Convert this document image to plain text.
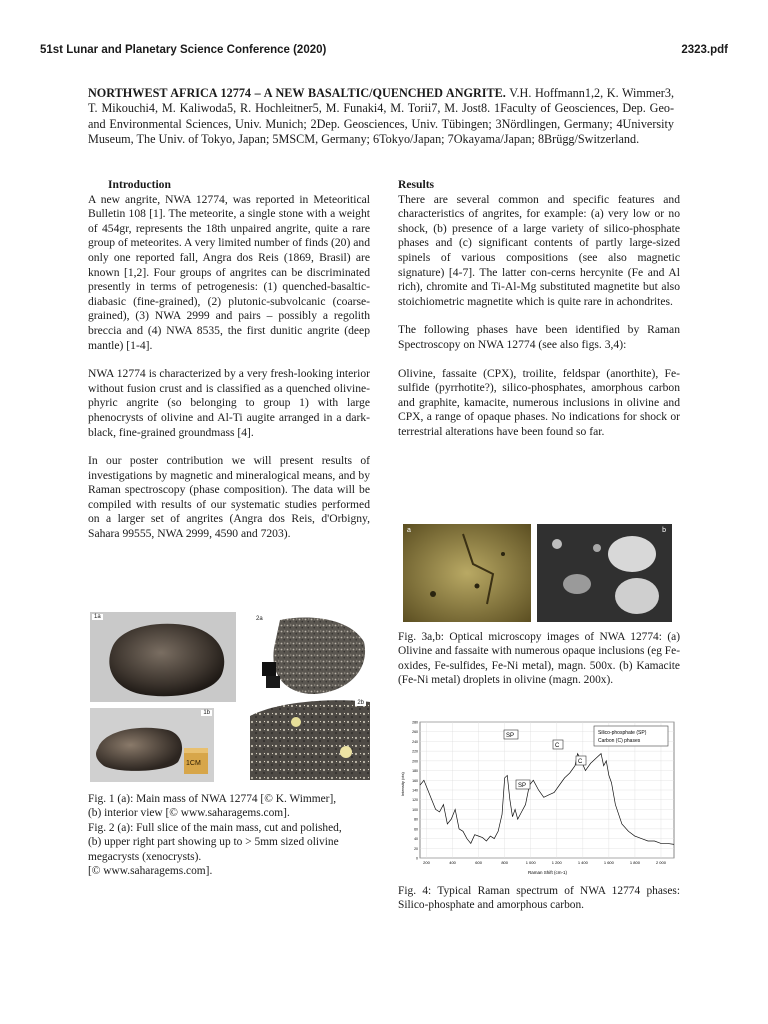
51st Lunar and Planetary Science Conference (2020)	2323.pdf
NORTHWEST AFRICA 12774 – A NEW BASALTIC/QUENCHED ANGRITE. V.H. Hoffmann1,2, K. Wimmer3, T. Mikouchi4, M. Kaliwoda5, R. Hochleitner5, M. Funaki4, M. Torii7, M. Jost8. 1Faculty of Geosciences, Dep. Geo- and Environmental Sciences, Univ. Munich; 2Dep. Geosciences, Univ. Tübingen; 3Nördlingen, Germany; 4University Museum, The Univ. of Tokyo, Japan; 5MSCM, Germany; 6Tokyo/Japan; 7Okayama/Japan; 8Brügg/Switzerland.
Introduction

A new angrite, NWA 12774, was reported in Meteoritical Bulletin 108 [1]. The meteorite, a single stone with a weight of 454gr, represents the 18th unpaired angrite, quite a rare group of meteorites. A very limited number of finds (20) and only one reported fall, Angra dos Reis (1869, Brasil) are known [1,2]. Four groups of angrites can be discriminated presently in terms of petrogenesis: (1) quenched-basaltic-diabasic (fine-grained), (2) plutonic-subvolcanic (coarse-grained), (3) NWA 2999 and pairs – possibly a regolith breccia and (4) NWA 8535, the first dunitic angrite (deep mantle) [1-4].

NWA 12774 is characterized by a very fresh-looking interior without fusion crust and is classified as a quenched olivine-phyric angrite (so belonging to group 1) with large phenocrysts of olivine and Al-Ti augite arranged in a dark-black, fine-grained groundmass [4].

In our poster contribution we will present results of investigations by magnetic and mineralogical means, and by Raman spectroscopy (phase composition). The data will be compiled with results of our systematic studies performed on a larger set of angrites (Angra dos Reis, d'Orbigny, Sahara 99555, NWA 2999, 4590 and 7203).

Results

There are several common and specific features and characteristics of angrites, for example: (a) very low or no shock, (b) presence of a large variety of silico-phosphate phases and (c) significant contents of partly large-sized spinels of various compositions (see also magnetic signature) [4-7]. The latter con-cerns hercynite (Fe and Al rich), chromite and Ti-Al-Mg substituted magnetite but also stoichiometric magnetite which is quite rare in achondrites.

The following phases have been identified by Raman Spectroscopy on NWA 12774 (see also figs. 3,4):

Olivine, fassaite (CPX), troilite, feldspar (anorthite), Fe-sulfide (pyrrhotite?), silico-phosphates, amorphous carbon and graphite, kamacite, numerous inclusions in olivine and CPX, a range of opaque phases. No indications for shock or terrestrial alterations have been found so far.

1a
1b
1CM
2a
2b
Fig. 1 (a): Main mass of NWA 12774 [© K. Wimmer],
(b) interior view [© www.saharagems.com].
Fig. 2 (a): Full slice of the main mass, cut and polished,
(b) upper right part showing up to > 5mm sized olivine megacrysts (xenocrysts).
[© www.saharagems.com].
a	b
Fig. 3a,b: Optical microscopy images of NWA 12774: (a) Olivine and fassaite with numerous opaque inclusions (eg Fe-oxides, Fe-sulfides, Fe-Ni metal), magn. 500x. (b) Kamacite (Fe-Ni metal) droplets in olivine (magn. 200x).
0
20
40
60
80
100
120
140
160
180
200
220
240
260
280
200	400	600	800	1 000	1 200	1 400	1 600	1 800	2 000
Intensity (cts)
Raman Shift (cm-1)
Silico-phosphate (SP)
Carbon (C) phases
SP
SP
C
C
Fig. 4: Typical Raman spectrum of NWA 12774 phases: Silico-phosphate and amorphous carbon.
